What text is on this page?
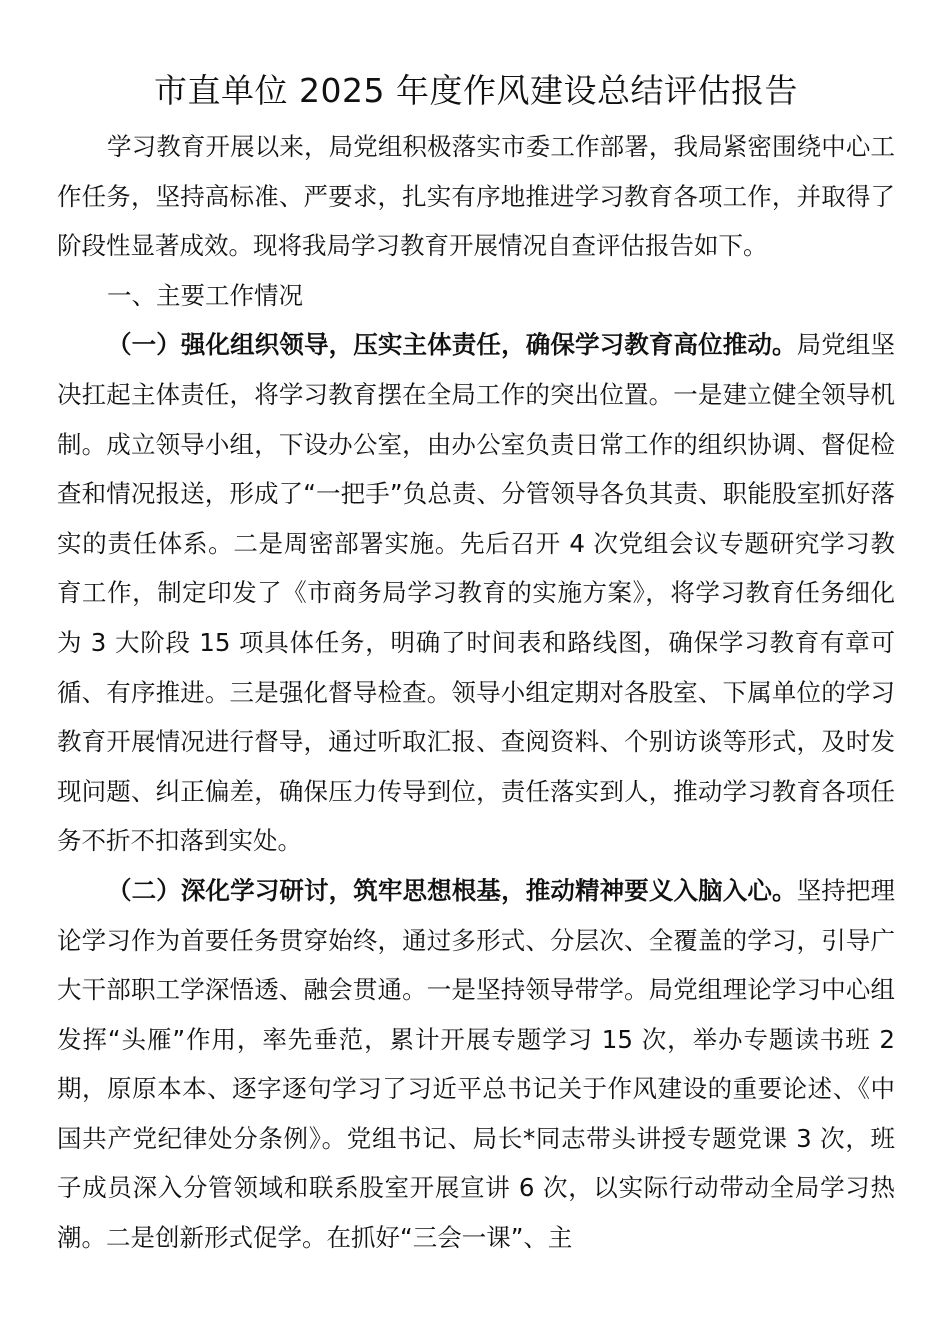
市直单位 2025 年度作风建设总结评估报告

学习教育开展以来，局党组积极落实市委工作部署，我局紧密围绕中心工作任务，坚持高标准、严要求，扎实有序地推进学习教育各项工作，并取得了阶段性显著成效。现将我局学习教育开展情况自查评估报告如下。

一、主要工作情况

（一）强化组织领导，压实主体责任，确保学习教育高位推动。局党组坚决扛起主体责任，将学习教育摆在全局工作的突出位置。一是建立健全领导机制。成立领导小组，下设办公室，由办公室负责日常工作的组织协调、督促检查和情况报送，形成了“一把手”负总责、分管领导各负其责、职能股室抓好落实的责任体系。二是周密部署实施。先后召开 4 次党组会议专题研究学习教育工作，制定印发了《市商务局学习教育的实施方案》，将学习教育任务细化为 3 大阶段 15 项具体任务，明确了时间表和路线图，确保学习教育有章可循、有序推进。三是强化督导检查。领导小组定期对各股室、下属单位的学习教育开展情况进行督导，通过听取汇报、查阅资料、个别访谈等形式，及时发现问题、纠正偏差，确保压力传导到位，责任落实到人，推动学习教育各项任务不折不扣落到实处。

（二）深化学习研讨，筑牢思想根基，推动精神要义入脑入心。坚持把理论学习作为首要任务贯穿始终，通过多形式、分层次、全覆盖的学习，引导广大干部职工学深悟透、融会贯通。一是坚持领导带学。局党组理论学习中心组发挥“头雁”作用，率先垂范，累计开展专题学习 15 次，举办专题读书班 2 期，原原本本、逐字逐句学习了习近平总书记关于作风建设的重要论述、《中国共产党纪律处分条例》。党组书记、局长*同志带头讲授专题党课 3 次，班子成员深入分管领域和联系股室开展宣讲 6 次，以实际行动带动全局学习热潮。二是创新形式促学。在抓好“三会一课”、主
